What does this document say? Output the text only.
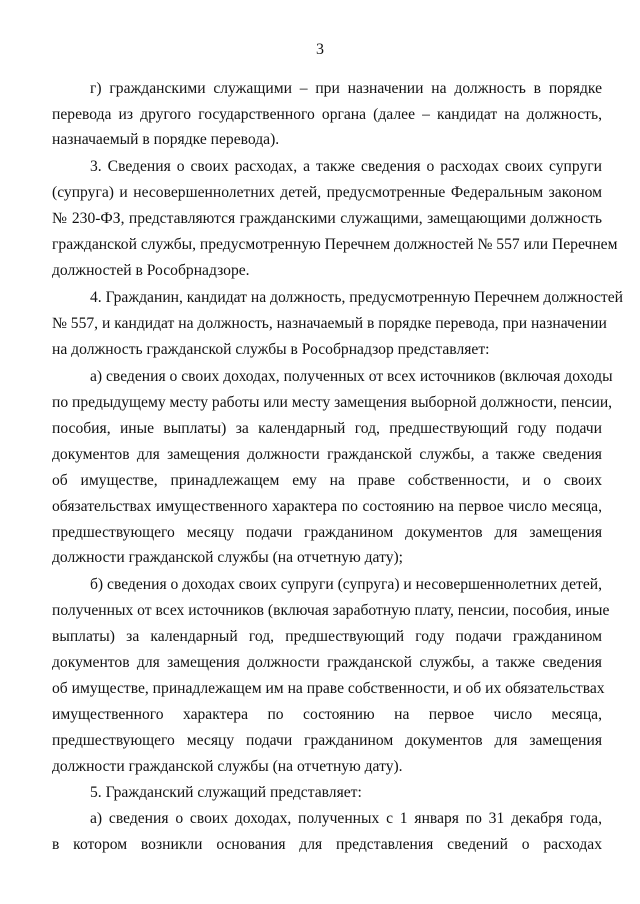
3
г) гражданскими служащими – при назначении на должность в порядке
перевода из другого государственного органа (далее – кандидат на должность,
назначаемый в порядке перевода).
3. Сведения о своих расходах, а также сведения о расходах своих супруги
(супруга) и несовершеннолетних детей, предусмотренные Федеральным законом
№ 230-ФЗ, представляются гражданскими служащими, замещающими должность
гражданской службы, предусмотренную Перечнем должностей № 557 или Перечнем
должностей в Рособрнадзоре.
4. Гражданин, кандидат на должность, предусмотренную Перечнем должностей
№ 557, и кандидат на должность, назначаемый в порядке перевода, при назначении
на должность гражданской службы в Рособрнадзор представляет:
а) сведения о своих доходах, полученных от всех источников (включая доходы
по предыдущему месту работы или месту замещения выборной должности, пенсии,
пособия, иные выплаты) за календарный год, предшествующий году подачи
документов для замещения должности гражданской службы, а также сведения
об имуществе, принадлежащем ему на праве собственности, и о своих
обязательствах имущественного характера по состоянию на первое число месяца,
предшествующего месяцу подачи гражданином документов для замещения
должности гражданской службы (на отчетную дату);
б) сведения о доходах своих супруги (супруга) и несовершеннолетних детей,
полученных от всех источников (включая заработную плату, пенсии, пособия, иные
выплаты) за календарный год, предшествующий году подачи гражданином
документов для замещения должности гражданской службы, а также сведения
об имуществе, принадлежащем им на праве собственности, и об их обязательствах
имущественного характера по состоянию на первое число месяца,
предшествующего месяцу подачи гражданином документов для замещения
должности гражданской службы (на отчетную дату).
5. Гражданский служащий представляет:
а) сведения о своих доходах, полученных с 1 января по 31 декабря года,
в котором возникли основания для представления сведений о расходах
